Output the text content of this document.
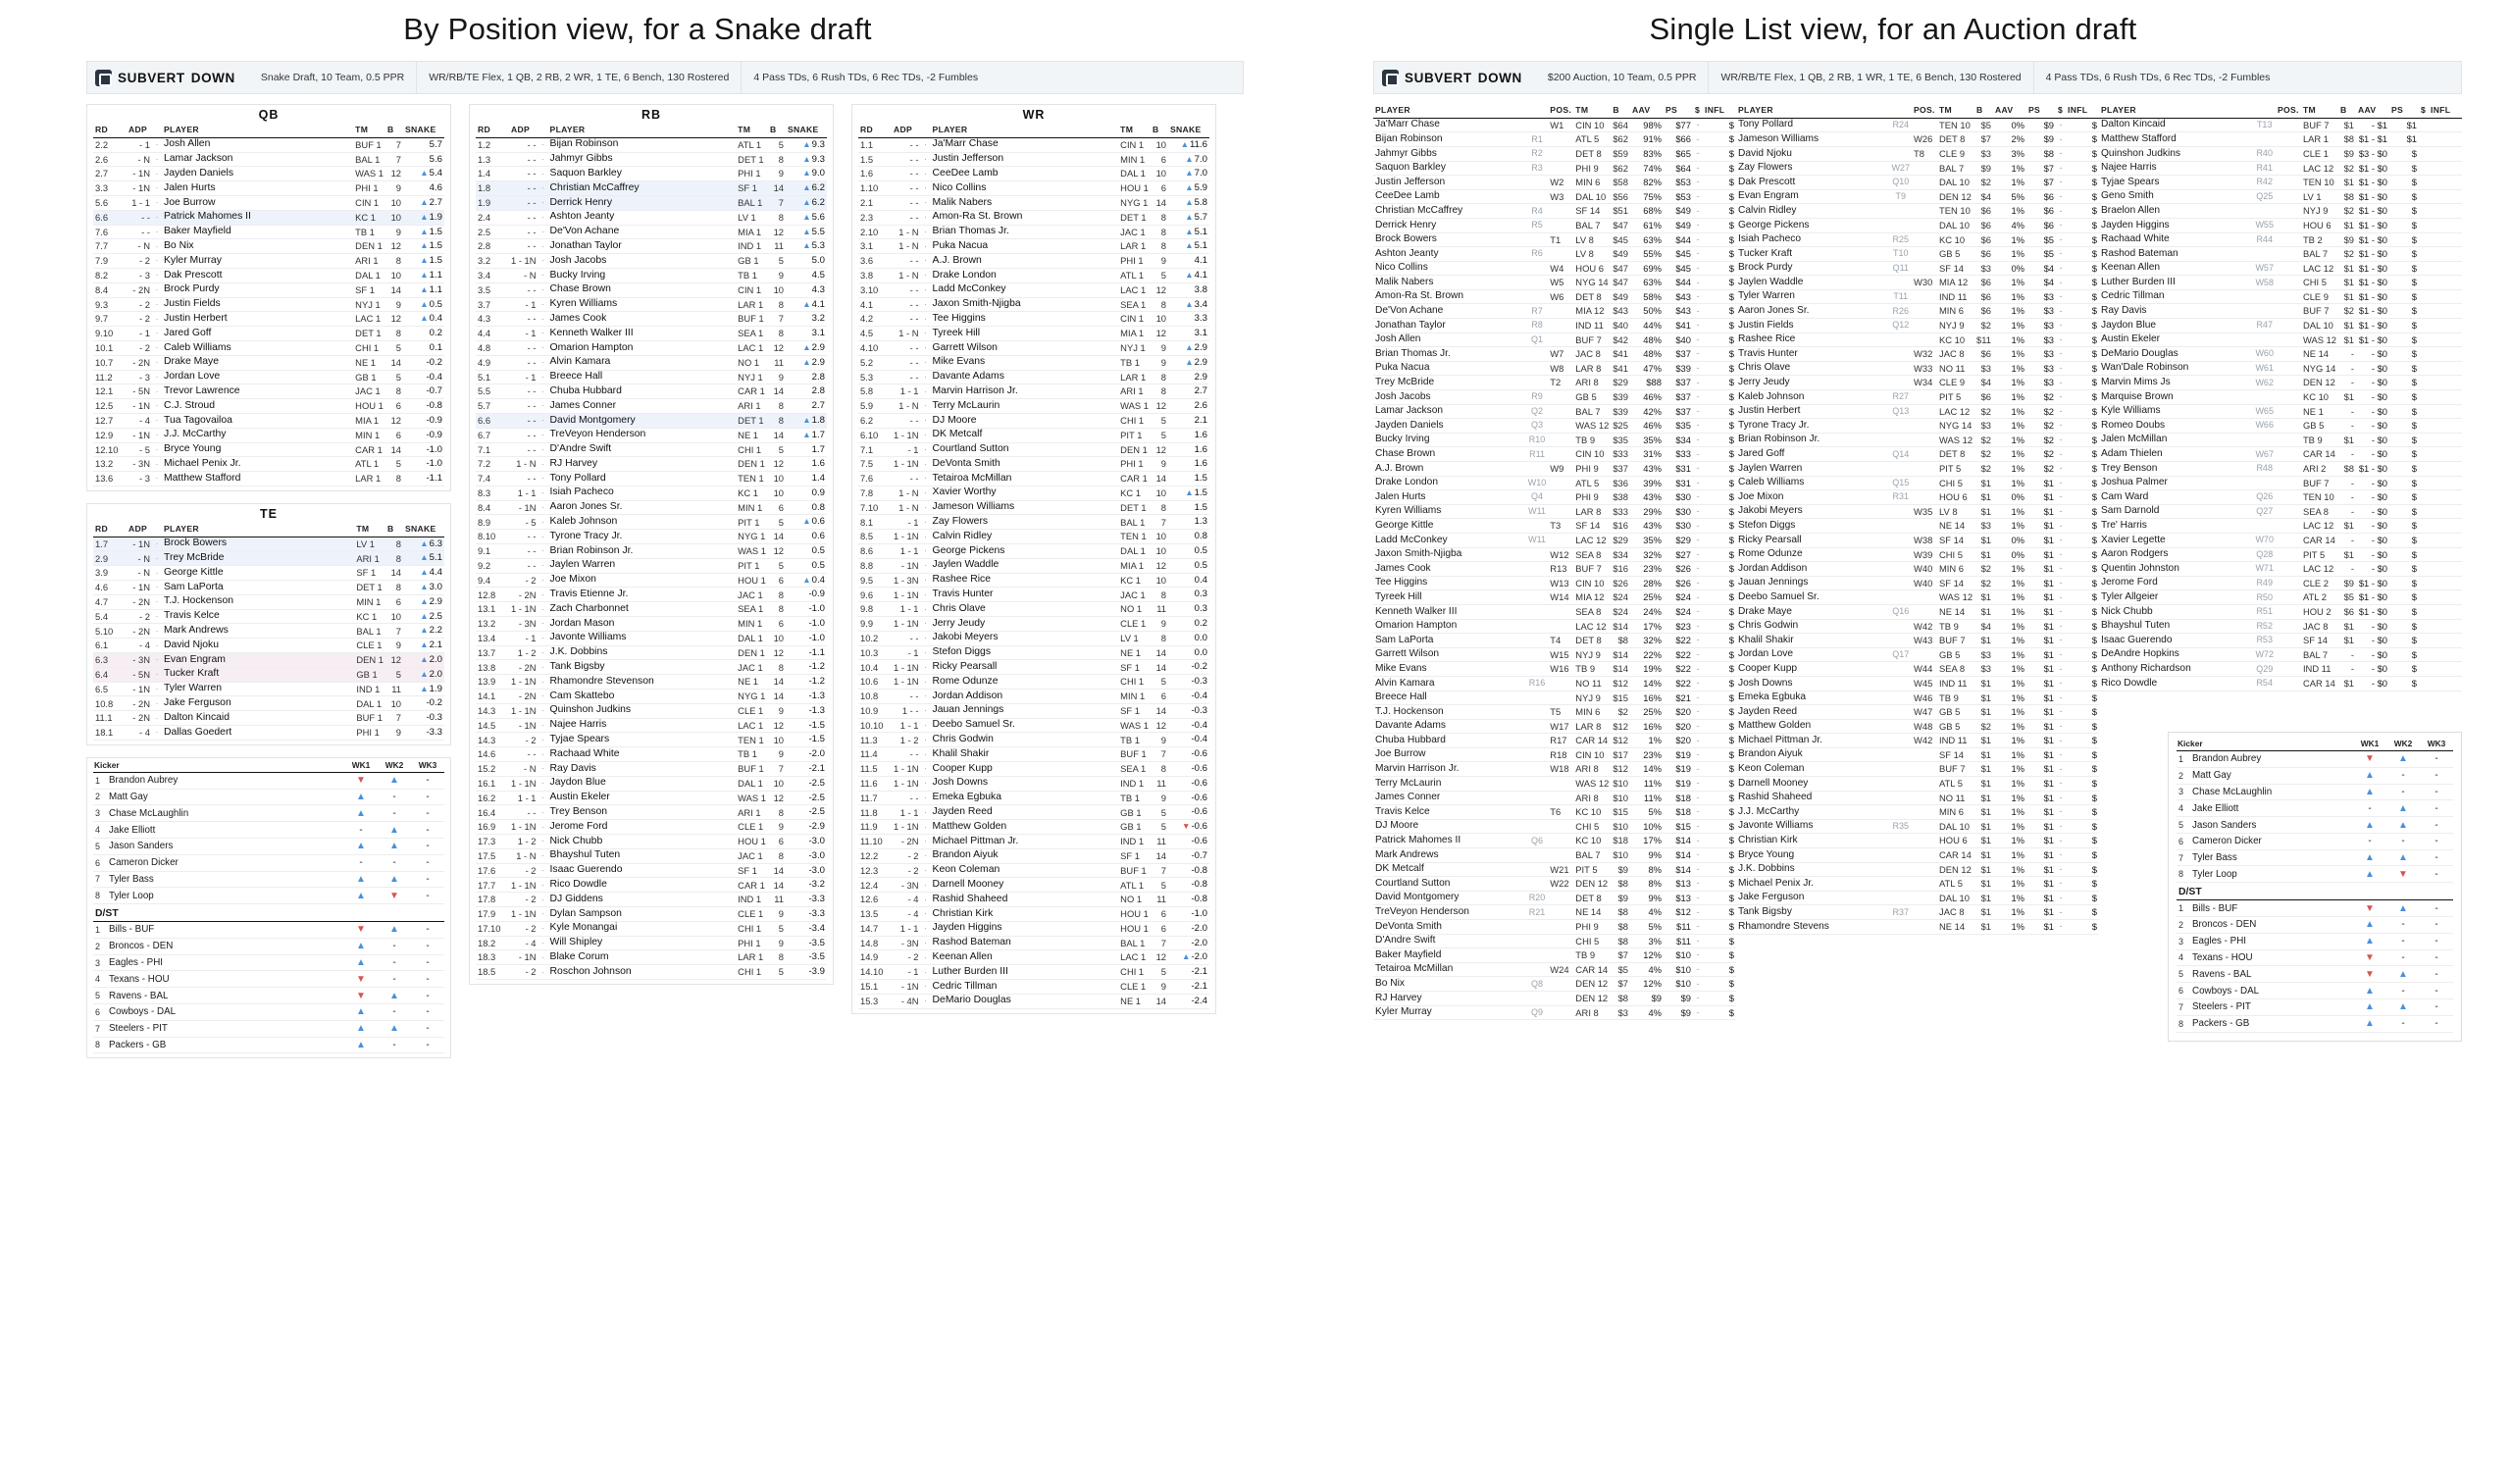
By Position view, for a Snake draft	Single List view, for an Auction draft
SUBVERT DOWN	Snake Draft, 10 Team, 0.5 PPR	WR/RB/TE Flex, 1 QB, 2 RB, 2 WR, 1 TE, 6 Bench, 130 Rostered	4 Pass TDs, 6 Rush TDs, 6 Rec TDs, -2 Fumbles
QB
RD	ADP		PLAYER	TM	B	SNAKE
2.2	- 1	·	Josh Allen	BUF 1	7	5.7
2.6	- N	·	Lamar Jackson	BAL 1	7	5.6
2.7	- 1N	·	Jayden Daniels	WAS 1	12	▲5.4
3.3	- 1N	·	Jalen Hurts	PHI 1	9	4.6
5.6	1 - 1	·	Joe Burrow	CIN 1	10	▲2.7
6.6	- -	·	Patrick Mahomes II	KC 1	10	▲1.9
7.6	- -	·	Baker Mayfield	TB 1	9	▲1.5
7.7	- N	·	Bo Nix	DEN 1	12	▲1.5
7.9	- 2	·	Kyler Murray	ARI 1	8	▲1.5
8.2	- 3	·	Dak Prescott	DAL 1	10	▲1.1
8.4	- 2N	·	Brock Purdy	SF 1	14	▲1.1
9.3	- 2	·	Justin Fields	NYJ 1	9	▲0.5
9.7	- 2	·	Justin Herbert	LAC 1	12	▲0.4
9.10	- 1	·	Jared Goff	DET 1	8	0.2
10.1	- 2	·	Caleb Williams	CHI 1	5	0.1
10.7	- 2N	·	Drake Maye	NE 1	14	-0.2
11.2	- 3	·	Jordan Love	GB 1	5	-0.4
12.1	- 5N	·	Trevor Lawrence	JAC 1	8	-0.7
12.5	- 1N	·	C.J. Stroud	HOU 1	6	-0.8
12.7	- 4	·	Tua Tagovailoa	MIA 1	12	-0.9
12.9	- 1N	·	J.J. McCarthy	MIN 1	6	-0.9
12.10	- 5	·	Bryce Young	CAR 1	14	-1.0
13.2	- 3N	·	Michael Penix Jr.	ATL 1	5	-1.0
13.6	- 3	·	Matthew Stafford	LAR 1	8	-1.1
TE
RD	ADP		PLAYER	TM	B	SNAKE
1.7	- 1N	·	Brock Bowers	LV 1	8	▲6.3
2.9	- N	·	Trey McBride	ARI 1	8	▲5.1
3.9	- N	·	George Kittle	SF 1	14	▲4.4
4.6	- 1N	·	Sam LaPorta	DET 1	8	▲3.0
4.7	- 2N	·	T.J. Hockenson	MIN 1	6	▲2.9
5.4	- 2	·	Travis Kelce	KC 1	10	▲2.5
5.10	- 2N	·	Mark Andrews	BAL 1	7	▲2.2
6.1	- 4	·	David Njoku	CLE 1	9	▲2.1
6.3	- 3N	·	Evan Engram	DEN 1	12	▲2.0
6.4	- 5N	·	Tucker Kraft	GB 1	5	▲2.0
6.5	- 1N	·	Tyler Warren	IND 1	11	▲1.9
10.8	- 2N	·	Jake Ferguson	DAL 1	10	-0.2
11.1	- 2N	·	Dalton Kincaid	BUF 1	7	-0.3
18.1	- 4	·	Dallas Goedert	PHI 1	9	-3.3
Kicker		WK1	WK2	WK3
1	Brandon Aubrey	▼	▲	-
2	Matt Gay	▲	-	-
3	Chase McLaughlin	▲	-	-
4	Jake Elliott	-	▲	-
5	Jason Sanders	▲	▲	-
6	Cameron Dicker	-	-	-
7	Tyler Bass	▲	▲	-
8	Tyler Loop	▲	▼	-
D/ST
1	Bills - BUF	▼	▲	-
2	Broncos - DEN	▲	-	-
3	Eagles - PHI	▲	-	-
4	Texans - HOU	▼	-	-
5	Ravens - BAL	▼	▲	-
6	Cowboys - DAL	▲	-	-
7	Steelers - PIT	▲	▲	-
8	Packers - GB	▲	-	-
RB
RD	ADP		PLAYER	TM	B	SNAKE
1.2	- -	·	Bijan Robinson	ATL 1	5	▲9.3
1.3	- -	·	Jahmyr Gibbs	DET 1	8	▲9.3
1.4	- -	·	Saquon Barkley	PHI 1	9	▲9.0
1.8	- -	·	Christian McCaffrey	SF 1	14	▲6.2
1.9	- -	·	Derrick Henry	BAL 1	7	▲6.2
2.4	- -	·	Ashton Jeanty	LV 1	8	▲5.6
2.5	- -	·	De'Von Achane	MIA 1	12	▲5.5
2.8	- -	·	Jonathan Taylor	IND 1	11	▲5.3
3.2	1 - 1N	·	Josh Jacobs	GB 1	5	5.0
3.4	- N	·	Bucky Irving	TB 1	9	4.5
3.5	- -	·	Chase Brown	CIN 1	10	4.3
3.7	- 1	·	Kyren Williams	LAR 1	8	▲4.1
4.3	- -	·	James Cook	BUF 1	7	3.2
4.4	- 1	·	Kenneth Walker III	SEA 1	8	3.1
4.8	- -	·	Omarion Hampton	LAC 1	12	▲2.9
4.9	- -	·	Alvin Kamara	NO 1	11	▲2.9
5.1	- 1	·	Breece Hall	NYJ 1	9	2.8
5.5	- -	·	Chuba Hubbard	CAR 1	14	2.8
5.7	- -	·	James Conner	ARI 1	8	2.7
6.6	- -	·	David Montgomery	DET 1	8	▲1.8
6.7	- -	·	TreVeyon Henderson	NE 1	14	▲1.7
7.1	- -	·	D'Andre Swift	CHI 1	5	1.7
7.2	1 - N	·	RJ Harvey	DEN 1	12	1.6
7.4	- -	·	Tony Pollard	TEN 1	10	1.4
8.3	1 - 1	·	Isiah Pacheco	KC 1	10	0.9
8.4	- 1N	·	Aaron Jones Sr.	MIN 1	6	0.8
8.9	- 5	·	Kaleb Johnson	PIT 1	5	▲0.6
8.10	- -	·	Tyrone Tracy Jr.	NYG 1	14	0.6
9.1	- -	·	Brian Robinson Jr.	WAS 1	12	0.5
9.2	- -	·	Jaylen Warren	PIT 1	5	0.5
9.4	- 2	·	Joe Mixon	HOU 1	6	▲0.4
12.8	- 2N	·	Travis Etienne Jr.	JAC 1	8	-0.9
13.1	1 - 1N	·	Zach Charbonnet	SEA 1	8	-1.0
13.2	- 3N	·	Jordan Mason	MIN 1	6	-1.0
13.4	- 1	·	Javonte Williams	DAL 1	10	-1.0
13.7	1 - 2	·	J.K. Dobbins	DEN 1	12	-1.1
13.8	- 2N	·	Tank Bigsby	JAC 1	8	-1.2
13.9	1 - 1N	·	Rhamondre Stevenson	NE 1	14	-1.2
14.1	- 2N	·	Cam Skattebo	NYG 1	14	-1.3
14.3	1 - 1N	·	Quinshon Judkins	CLE 1	9	-1.3
14.5	- 1N	·	Najee Harris	LAC 1	12	-1.5
14.3	- 2	·	Tyjae Spears	TEN 1	10	-1.5
14.6	- -	·	Rachaad White	TB 1	9	-2.0
15.2	- N	·	Ray Davis	BUF 1	7	-2.1
16.1	1 - 1N	·	Jaydon Blue	DAL 1	10	-2.5
16.2	1 - 1	·	Austin Ekeler	WAS 1	12	-2.5
16.4	- -	·	Trey Benson	ARI 1	8	-2.5
16.9	1 - 1N	·	Jerome Ford	CLE 1	9	-2.9
17.3	1 - 2	·	Nick Chubb	HOU 1	6	-3.0
17.5	1 - N	·	Bhayshul Tuten	JAC 1	8	-3.0
17.6	- 2	·	Isaac Guerendo	SF 1	14	-3.0
17.7	1 - 1N	·	Rico Dowdle	CAR 1	14	-3.2
17.8	- 2	·	DJ Giddens	IND 1	11	-3.3
17.9	1 - 1N	·	Dylan Sampson	CLE 1	9	-3.3
17.10	- 2	·	Kyle Monangai	CHI 1	5	-3.4
18.2	- 4	·	Will Shipley	PHI 1	9	-3.5
18.3	- 1N	·	Blake Corum	LAR 1	8	-3.5
18.5	- 2	·	Roschon Johnson	CHI 1	5	-3.9
WR
RD	ADP		PLAYER	TM	B	SNAKE
1.1	- -	·	Ja'Marr Chase	CIN 1	10	▲11.6
1.5	- -	·	Justin Jefferson	MIN 1	6	▲7.0
1.6	- -	·	CeeDee Lamb	DAL 1	10	▲7.0
1.10	- -	·	Nico Collins	HOU 1	6	▲5.9
2.1	- -	·	Malik Nabers	NYG 1	14	▲5.8
2.3	- -	·	Amon-Ra St. Brown	DET 1	8	▲5.7
2.10	1 - N	·	Brian Thomas Jr.	JAC 1	8	▲5.1
3.1	1 - N	·	Puka Nacua	LAR 1	8	▲5.1
3.6	- -	·	A.J. Brown	PHI 1	9	4.1
3.8	1 - N	·	Drake London	ATL 1	5	▲4.1
3.10	- -	·	Ladd McConkey	LAC 1	12	3.8
4.1	- -	·	Jaxon Smith-Njigba	SEA 1	8	▲3.4
4.2	- -	·	Tee Higgins	CIN 1	10	3.3
4.5	1 - N	·	Tyreek Hill	MIA 1	12	3.1
4.10	- -	·	Garrett Wilson	NYJ 1	9	▲2.9
5.2	- -	·	Mike Evans	TB 1	9	▲2.9
5.3	- -	·	Davante Adams	LAR 1	8	2.9
5.8	1 - 1	·	Marvin Harrison Jr.	ARI 1	8	2.7
5.9	1 - N	·	Terry McLaurin	WAS 1	12	2.6
6.2	- -	·	DJ Moore	CHI 1	5	2.1
6.10	1 - 1N	·	DK Metcalf	PIT 1	5	1.6
7.1	- 1	·	Courtland Sutton	DEN 1	12	1.6
7.5	1 - 1N	·	DeVonta Smith	PHI 1	9	1.6
7.6	- -	·	Tetairoa McMillan	CAR 1	14	1.5
7.8	1 - N	·	Xavier Worthy	KC 1	10	▲1.5
7.10	1 - N	·	Jameson Williams	DET 1	8	1.5
8.1	- 1	·	Zay Flowers	BAL 1	7	1.3
8.5	1 - 1N	·	Calvin Ridley	TEN 1	10	0.8
8.6	1 - 1	·	George Pickens	DAL 1	10	0.5
8.8	- 1N	·	Jaylen Waddle	MIA 1	12	0.5
9.5	1 - 3N	·	Rashee Rice	KC 1	10	0.4
9.6	1 - 1N	·	Travis Hunter	JAC 1	8	0.3
9.8	1 - 1	·	Chris Olave	NO 1	11	0.3
9.9	1 - 1N	·	Jerry Jeudy	CLE 1	9	0.2
10.2	- -	·	Jakobi Meyers	LV 1	8	0.0
10.3	- 1	·	Stefon Diggs	NE 1	14	0.0
10.4	1 - 1N	·	Ricky Pearsall	SF 1	14	-0.2
10.6	1 - 1N	·	Rome Odunze	CHI 1	5	-0.3
10.8	- -	·	Jordan Addison	MIN 1	6	-0.4
10.9	1 - -	·	Jauan Jennings	SF 1	14	-0.3
10.10	1 - 1	·	Deebo Samuel Sr.	WAS 1	12	-0.4
11.3	1 - 2	·	Chris Godwin	TB 1	9	-0.4
11.4	- -	·	Khalil Shakir	BUF 1	7	-0.6
11.5	1 - 1N	·	Cooper Kupp	SEA 1	8	-0.6
11.6	1 - 1N	·	Josh Downs	IND 1	11	-0.6
11.7	- -	·	Emeka Egbuka	TB 1	9	-0.6
11.8	1 - 1	·	Jayden Reed	GB 1	5	-0.6
11.9	1 - 1N	·	Matthew Golden	GB 1	5	▼-0.6
11.10	- 2N	·	Michael Pittman Jr.	IND 1	11	-0.6
12.2	- 2	·	Brandon Aiyuk	SF 1	14	-0.7
12.3	- 2	·	Keon Coleman	BUF 1	7	-0.8
12.4	- 3N	·	Darnell Mooney	ATL 1	5	-0.8
12.6	- 4	·	Rashid Shaheed	NO 1	11	-0.8
13.5	- 4	·	Christian Kirk	HOU 1	6	-1.0
14.7	1 - 1	·	Jayden Higgins	HOU 1	6	-2.0
14.8	- 3N	·	Rashod Bateman	BAL 1	7	-2.0
14.9	- 2	·	Keenan Allen	LAC 1	12	▲-2.0
14.10	- 1	·	Luther Burden III	CHI 1	5	-2.1
15.1	- 1N	·	Cedric Tillman	CLE 1	9	-2.1
15.3	- 4N	·	DeMario Douglas	NE 1	14	-2.4
SUBVERT DOWN	$200 Auction, 10 Team, 0.5 PPR	WR/RB/TE Flex, 1 QB, 2 RB, 1 WR, 1 TE, 6 Bench, 130 Rostered	4 Pass TDs, 6 Rush TDs, 6 Rec TDs, -2 Fumbles
PLAYER		POS.	TM	B	AAV	PS	$	INFL
Ja'Marr Chase		W1	CIN 10	$64	98%	$77	-	$
Bijan Robinson	R1		ATL 5	$62	91%	$66	-	$
Jahmyr Gibbs	R2		DET 8	$59	83%	$65	-	$
Saquon Barkley	R3		PHI 9	$62	74%	$64	-	$
Justin Jefferson		W2	MIN 6	$58	82%	$53	-	$
CeeDee Lamb		W3	DAL 10	$56	75%	$53	-	$
Christian McCaffrey	R4		SF 14	$51	68%	$49	-	$
Derrick Henry	R5		BAL 7	$47	61%	$49	-	$
Brock Bowers		T1	LV 8	$45	63%	$44	-	$
Ashton Jeanty	R6		LV 8	$49	55%	$45	-	$
Nico Collins		W4	HOU 6	$47	69%	$45	-	$
Malik Nabers		W5	NYG 14	$47	63%	$44	-	$
Amon-Ra St. Brown		W6	DET 8	$49	58%	$43	-	$
De'Von Achane	R7		MIA 12	$43	50%	$43	-	$
Jonathan Taylor	R8		IND 11	$40	44%	$41	-	$
Josh Allen	Q1		BUF 7	$42	48%	$40	-	$
Brian Thomas Jr.		W7	JAC 8	$41	48%	$37	-	$
Puka Nacua		W8	LAR 8	$41	47%	$39	-	$
Trey McBride		T2	ARI 8	$29	$88	$37	-	$
Josh Jacobs	R9		GB 5	$39	46%	$37	-	$
Lamar Jackson	Q2		BAL 7	$39	42%	$37	-	$
Jayden Daniels	Q3		WAS 12	$25	46%	$35	-	$
Bucky Irving	R10		TB 9	$35	35%	$34	-	$
Chase Brown	R11		CIN 10	$33	31%	$33	-	$
A.J. Brown		W9	PHI 9	$37	43%	$31	-	$
Drake London	W10		ATL 5	$36	39%	$31	-	$
Jalen Hurts	Q4		PHI 9	$38	43%	$30	-	$
Kyren Williams	W11		LAR 8	$33	29%	$30	-	$
George Kittle		T3	SF 14	$16	43%	$30	-	$
Ladd McConkey	W11		LAC 12	$29	35%	$29	-	$
Jaxon Smith-Njigba		W12	SEA 8	$34	32%	$27	-	$
James Cook		R13	BUF 7	$16	23%	$26	-	$
Tee Higgins		W13	CIN 10	$26	28%	$26	-	$
Tyreek Hill		W14	MIA 12	$24	25%	$24	-	$
Kenneth Walker III			SEA 8	$24	24%	$24	-	$
Omarion Hampton			LAC 12	$14	17%	$23	-	$
Sam LaPorta		T4	DET 8	$8	32%	$22	-	$
Garrett Wilson		W15	NYJ 9	$14	22%	$22	-	$
Mike Evans		W16	TB 9	$14	19%	$22	-	$
Alvin Kamara	R16		NO 11	$12	14%	$22	-	$
Breece Hall			NYJ 9	$15	16%	$21	-	$
T.J. Hockenson		T5	MIN 6	$2	25%	$20	-	$
Davante Adams		W17	LAR 8	$12	16%	$20	-	$
Chuba Hubbard		R17	CAR 14	$12	1%	$20	-	$
Joe Burrow		R18	CIN 10	$17	23%	$19	-	$
Marvin Harrison Jr.		W18	ARI 8	$12	14%	$19	-	$
Terry McLaurin			WAS 12	$10	11%	$19	-	$
James Conner			ARI 8	$10	11%	$18	-	$
Travis Kelce		T6	KC 10	$15	5%	$18	-	$
DJ Moore			CHI 5	$10	10%	$15	-	$
Patrick Mahomes II	Q6		KC 10	$18	17%	$14	-	$
Mark Andrews			BAL 7	$10	9%	$14	-	$
DK Metcalf		W21	PIT 5	$9	8%	$14	-	$
Courtland Sutton		W22	DEN 12	$8	8%	$13	-	$
David Montgomery	R20		DET 8	$9	9%	$13	-	$
TreVeyon Henderson	R21		NE 14	$8	4%	$12	-	$
DeVonta Smith			PHI 9	$8	5%	$11	-	$
D'Andre Swift			CHI 5	$8	3%	$11	-	$
Baker Mayfield			TB 9	$7	12%	$10	-	$
Tetairoa McMillan		W24	CAR 14	$5	4%	$10	-	$
Bo Nix	Q8		DEN 12	$7	12%	$10	-	$
RJ Harvey			DEN 12	$8	$9	$9	-	$
Kyler Murray	Q9		ARI 8	$3	4%	$9	-	$
PLAYER		POS.	TM	B	AAV	PS	$	INFL
Tony Pollard	R24		TEN 10	$5	0%	$9	-	$
Jameson Williams		W26	DET 8	$7	2%	$9	-	$
David Njoku		T8	CLE 9	$3	3%	$8	-	$
Zay Flowers	W27		BAL 7	$9	1%	$7	-	$
Dak Prescott	Q10		DAL 10	$2	1%	$7	-	$
Evan Engram	T9		DEN 12	$4	5%	$6	-	$
Calvin Ridley			TEN 10	$6	1%	$6	-	$
George Pickens			DAL 10	$6	4%	$6	-	$
Isiah Pacheco	R25		KC 10	$6	1%	$5	-	$
Tucker Kraft	T10		GB 5	$6	1%	$5	-	$
Brock Purdy	Q11		SF 14	$3	0%	$4	-	$
Jaylen Waddle		W30	MIA 12	$6	1%	$4	-	$
Tyler Warren	T11		IND 11	$6	1%	$3	-	$
Aaron Jones Sr.	R26		MIN 6	$6	1%	$3	-	$
Justin Fields	Q12		NYJ 9	$2	1%	$3	-	$
Rashee Rice			KC 10	$11	1%	$3	-	$
Travis Hunter		W32	JAC 8	$6	1%	$3	-	$
Chris Olave		W33	NO 11	$3	1%	$3	-	$
Jerry Jeudy		W34	CLE 9	$4	1%	$3	-	$
Kaleb Johnson	R27		PIT 5	$6	1%	$2	-	$
Justin Herbert	Q13		LAC 12	$2	1%	$2	-	$
Tyrone Tracy Jr.			NYG 14	$3	1%	$2	-	$
Brian Robinson Jr.			WAS 12	$2	1%	$2	-	$
Jared Goff	Q14		DET 8	$2	1%	$2	-	$
Jaylen Warren			PIT 5	$2	1%	$2	-	$
Caleb Williams	Q15		CHI 5	$1	1%	$1	-	$
Joe Mixon	R31		HOU 6	$1	0%	$1	-	$
Jakobi Meyers		W35	LV 8	$1	1%	$1	-	$
Stefon Diggs			NE 14	$3	1%	$1	-	$
Ricky Pearsall		W38	SF 14	$1	0%	$1	-	$
Rome Odunze		W39	CHI 5	$1	0%	$1	-	$
Jordan Addison		W40	MIN 6	$2	1%	$1	-	$
Jauan Jennings		W40	SF 14	$2	1%	$1	-	$
Deebo Samuel Sr.			WAS 12	$1	1%	$1	-	$
Drake Maye	Q16		NE 14	$1	1%	$1	-	$
Chris Godwin		W42	TB 9	$4	1%	$1	-	$
Khalil Shakir		W43	BUF 7	$1	1%	$1	-	$
Jordan Love	Q17		GB 5	$3	1%	$1	-	$
Cooper Kupp		W44	SEA 8	$3	1%	$1	-	$
Josh Downs		W45	IND 11	$1	1%	$1	-	$
Emeka Egbuka		W46	TB 9	$1	1%	$1	-	$
Jayden Reed		W47	GB 5	$1	1%	$1	-	$
Matthew Golden		W48	GB 5	$2	1%	$1	-	$
Michael Pittman Jr.		W42	IND 11	$1	1%	$1	-	$
Brandon Aiyuk			SF 14	$1	1%	$1	-	$
Keon Coleman			BUF 7	$1	1%	$1	-	$
Darnell Mooney			ATL 5	$1	1%	$1	-	$
Rashid Shaheed			NO 11	$1	1%	$1	-	$
J.J. McCarthy			MIN 6	$1	1%	$1	-	$
Javonte Williams	R35		DAL 10	$1	1%	$1	-	$
Christian Kirk			HOU 6	$1	1%	$1	-	$
Bryce Young			CAR 14	$1	1%	$1	-	$
J.K. Dobbins			DEN 12	$1	1%	$1	-	$
Michael Penix Jr.			ATL 5	$1	1%	$1	-	$
Jake Ferguson			DAL 10	$1	1%	$1	-	$
Tank Bigsby	R37		JAC 8	$1	1%	$1	-	$
Rhamondre Stevens			NE 14	$1	1%	$1	-	$
PLAYER		POS.	TM	B	AAV	PS	$	INFL
Dalton Kincaid	T13		BUF 7	$1	- $1	$1		
Matthew Stafford			LAR 1	$8	$1 - $1	$1		
Quinshon Judkins	R40		CLE 1	$9	$3 - $0	$		
Najee Harris	R41		LAC 12	$2	$1 - $0	$		
Tyjae Spears	R42		TEN 10	$1	$1 - $0	$		
Geno Smith	Q25		LV 1	$8	$1 - $0	$		
Braelon Allen			NYJ 9	$2	$1 - $0	$		
Jayden Higgins	W55		HOU 6	$1	$1 - $0	$		
Rachaad White	R44		TB 2	$9	$1 - $0	$		
Rashod Bateman			BAL 7	$2	$1 - $0	$		
Keenan Allen	W57		LAC 12	$1	$1 - $0	$		
Luther Burden III	W58		CHI 5	$1	$1 - $0	$		
Cedric Tillman			CLE 9	$1	$1 - $0	$		
Ray Davis			BUF 7	$2	$1 - $0	$		
Jaydon Blue	R47		DAL 10	$1	$1 - $0	$		
Austin Ekeler			WAS 12	$1	$1 - $0	$		
DeMario Douglas	W60		NE 14	-	- $0	$		
Wan'Dale Robinson	W61		NYG 14	-	- $0	$		
Marvin Mims Js	W62		DEN 12	-	- $0	$		
Marquise Brown			KC 10	$1	- $0	$		
Kyle Williams	W65		NE 1	-	- $0	$		
Romeo Doubs	W66		GB 5	-	- $0	$		
Jalen McMillan			TB 9	$1	- $0	$		
Adam Thielen	W67		CAR 14	-	- $0	$		
Trey Benson	R48		ARI 2	$8	$1 - $0	$		
Joshua Palmer			BUF 7	-	- $0	$		
Cam Ward	Q26		TEN 10	-	- $0	$		
Sam Darnold	Q27		SEA 8	-	- $0	$		
Tre' Harris			LAC 12	$1	- $0	$		
Xavier Legette	W70		CAR 14	-	- $0	$		
Aaron Rodgers	Q28		PIT 5	$1	- $0	$		
Quentin Johnston	W71		LAC 12	-	- $0	$		
Jerome Ford	R49		CLE 2	$9	$1 - $0	$		
Tyler Allgeier	R50		ATL 2	$5	$1 - $0	$		
Nick Chubb	R51		HOU 2	$6	$1 - $0	$		
Bhayshul Tuten	R52		JAC 8	$1	- $0	$		
Isaac Guerendo	R53		SF 14	$1	- $0	$		
DeAndre Hopkins	W72		BAL 7	-	- $0	$		
Anthony Richardson	Q29		IND 11	-	- $0	$		
Rico Dowdle	R54		CAR 14	$1	- $0	$		
Kicker		WK1	WK2	WK3
1	Brandon Aubrey	▼	▲	-
2	Matt Gay	▲	-	-
3	Chase McLaughlin	▲	-	-
4	Jake Elliott	-	▲	-
5	Jason Sanders	▲	▲	-
6	Cameron Dicker	-	-	-
7	Tyler Bass	▲	▲	-
8	Tyler Loop	▲	▼	-
D/ST
1	Bills - BUF	▼	▲	-
2	Broncos - DEN	▲	-	-
3	Eagles - PHI	▲	-	-
4	Texans - HOU	▼	-	-
5	Ravens - BAL	▼	▲	-
6	Cowboys - DAL	▲	-	-
7	Steelers - PIT	▲	▲	-
8	Packers - GB	▲	-	-
